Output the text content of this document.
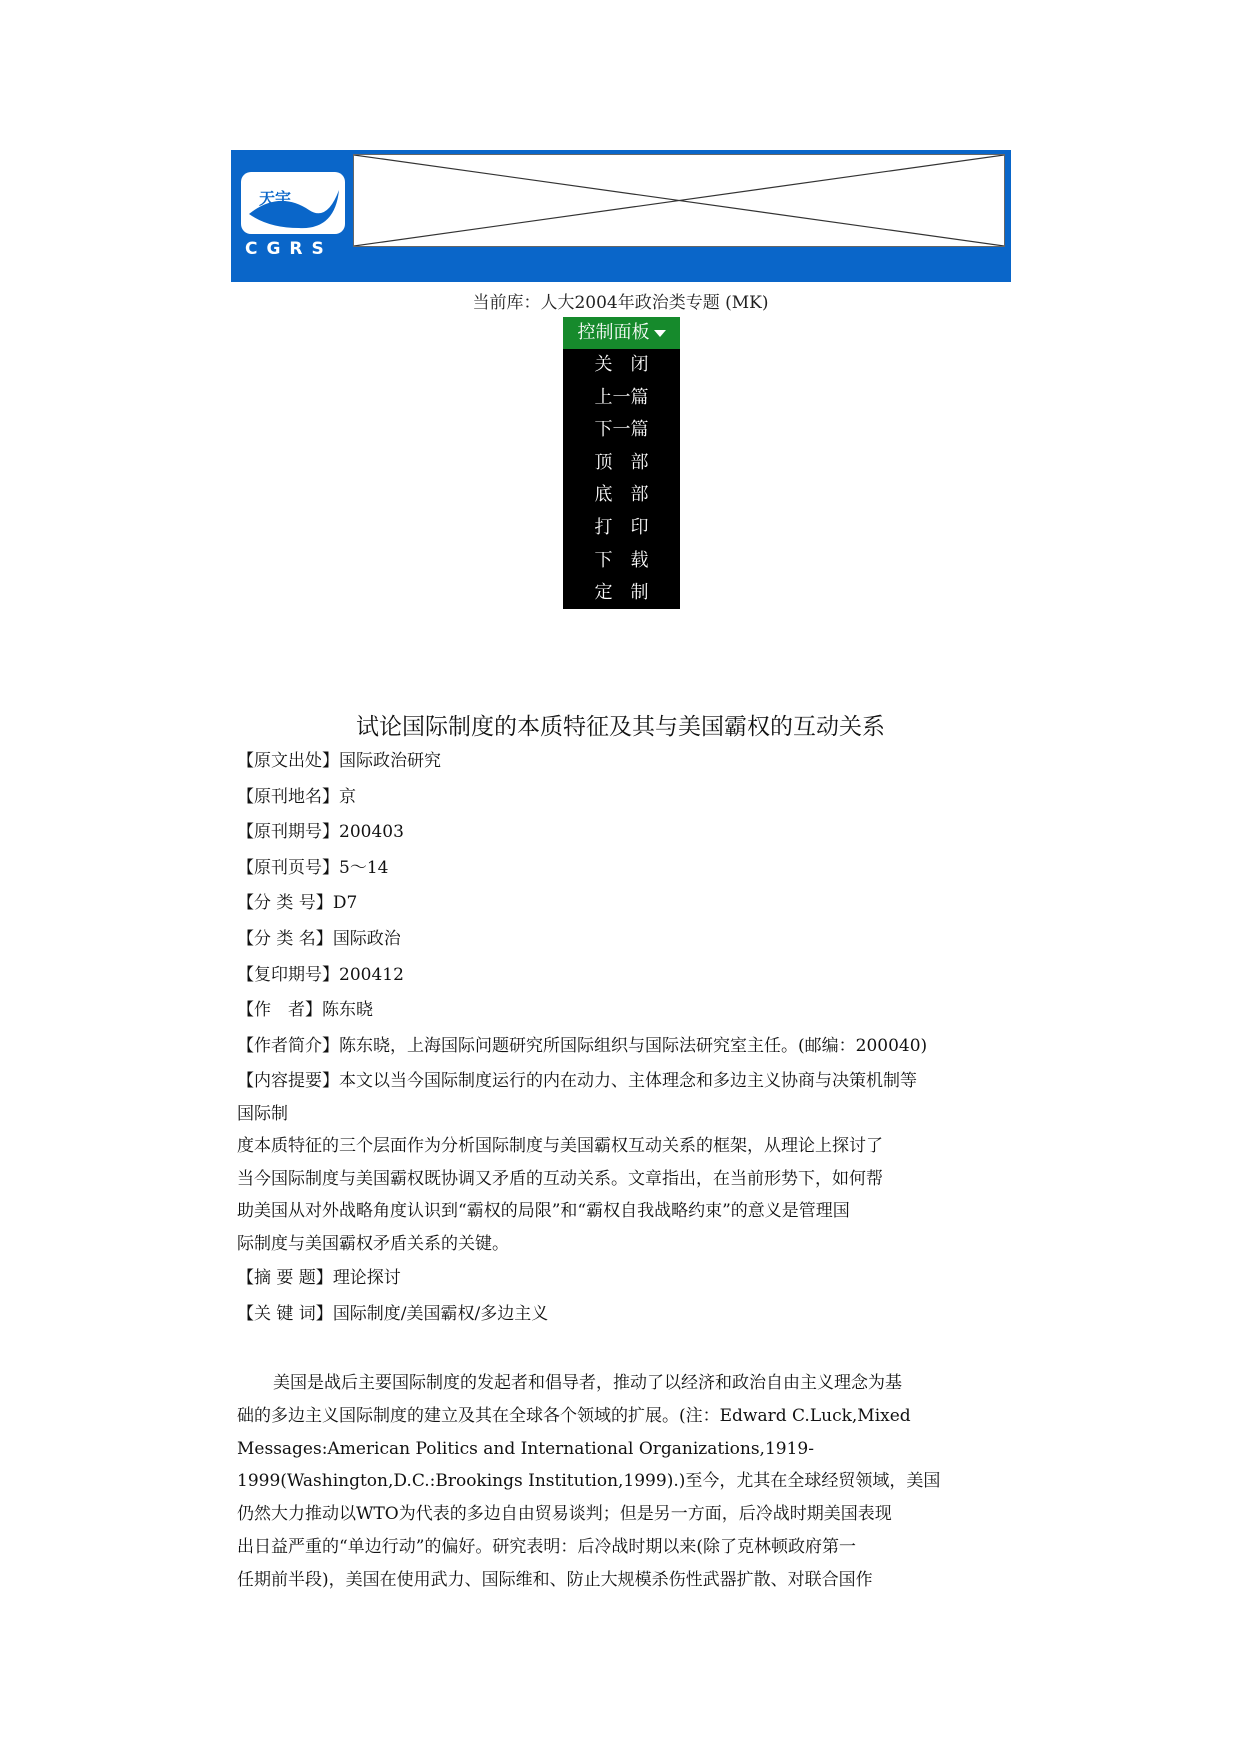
天宇
CGRS
当前库：人大2004年政治类专题 (MK)
控制面板
关　闭
上一篇
下一篇
顶　部
底　部
打　印
下　载
定　制
试论国际制度的本质特征及其与美国霸权的互动关系
【原文出处】国际政治研究
【原刊地名】京
【原刊期号】200403
【原刊页号】5～14
【分 类 号】D7
【分 类 名】国际政治
【复印期号】200412
【作　者】陈东晓
【作者简介】陈东晓，上海国际问题研究所国际组织与国际法研究室主任。(邮编：200040)
【内容提要】本文以当今国际制度运行的内在动力、主体理念和多边主义协商与决策机制等
国际制
度本质特征的三个层面作为分析国际制度与美国霸权互动关系的框架，从理论上探讨了
当今国际制度与美国霸权既协调又矛盾的互动关系。文章指出，在当前形势下，如何帮
助美国从对外战略角度认识到“霸权的局限”和“霸权自我战略约束”的意义是管理国
际制度与美国霸权矛盾关系的关键。
【摘 要 题】理论探讨
【关 键 词】国际制度/美国霸权/多边主义
美国是战后主要国际制度的发起者和倡导者，推动了以经济和政治自由主义理念为基
础的多边主义国际制度的建立及其在全球各个领域的扩展。(注：Edward C.Luck,Mixed
Messages:American Politics and International Organizations,1919-
1999(Washington,D.C.:Brookings Institution,1999).)至今，尤其在全球经贸领域，美国
仍然大力推动以WTO为代表的多边自由贸易谈判；但是另一方面，后冷战时期美国表现
出日益严重的“单边行动”的偏好。研究表明：后冷战时期以来(除了克林顿政府第一
任期前半段)，美国在使用武力、国际维和、防止大规模杀伤性武器扩散、对联合国作
